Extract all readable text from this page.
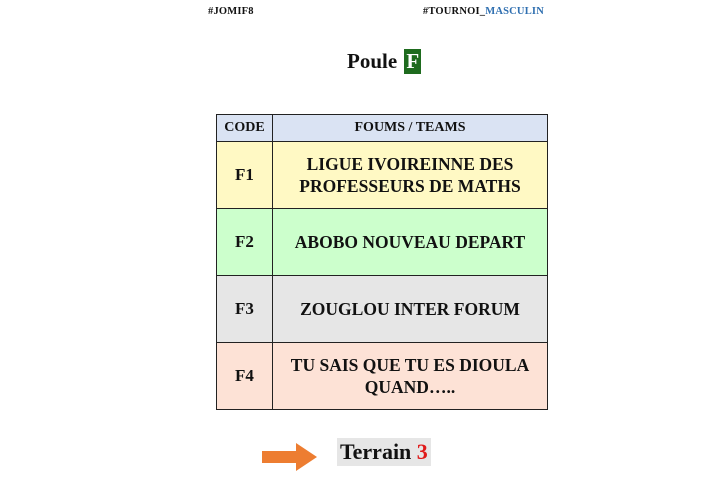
#JOMIF8	#TOURNOI_MASCULIN
Poule F
CODE	FOUMS / TEAMS
F1	LIGUE IVOIREINNE DES PROFESSEURS DE MATHS
F2	ABOBO NOUVEAU DEPART
F3	ZOUGLOU INTER FORUM
F4	TU SAIS QUE TU ES DIOULA QUAND…..
Terrain 3
